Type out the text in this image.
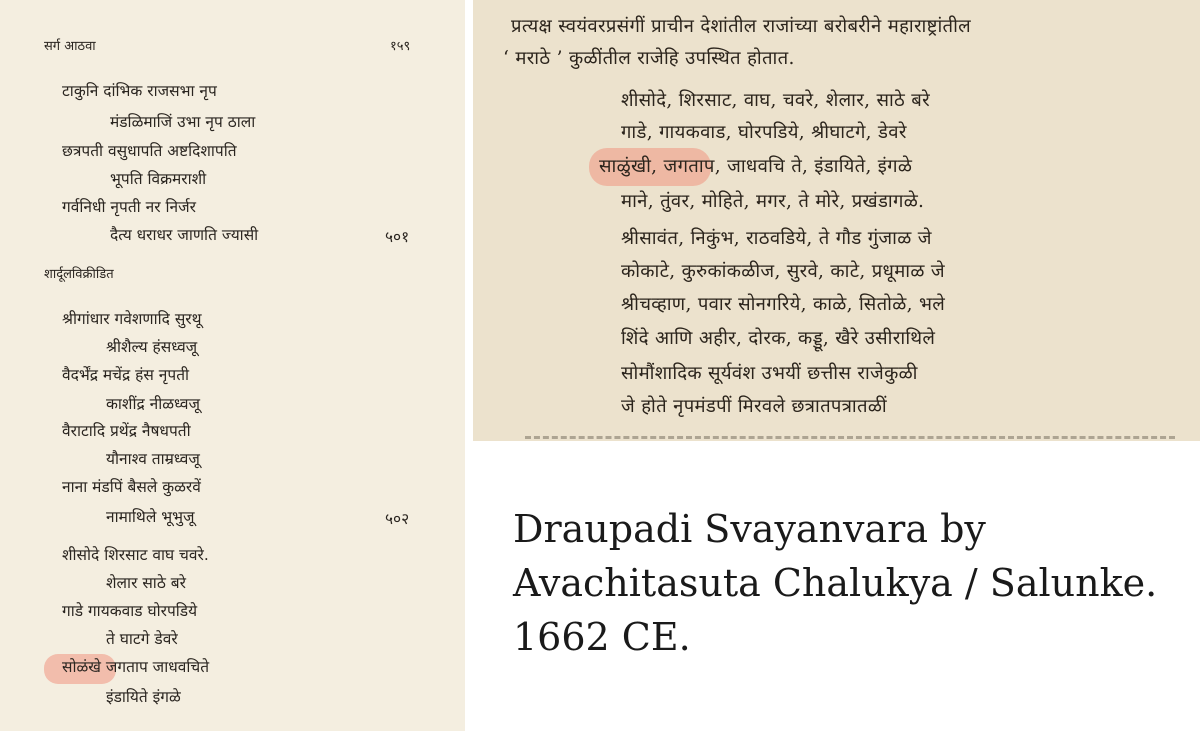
सर्ग आठवा	१५९
टाकुनि दांभिक राजसभा नृप
मंडळिमाजिं उभा नृप ठाला
छत्रपती वसुधापति अष्टदिशापति
भूपति विक्रमराशी
गर्वनिधी नृपती नर निर्जर
दैत्य धराधर जाणति ज्यासी	५०१
शार्दूलविक्रीडित
श्रीगांधार गवेशणादि सुरथू
श्रीशैल्य हंसध्वजू
वैदर्भेंद्र मचेंद्र हंस नृपती
काशींद्र नीळध्वजू
वैराटादि प्रथेंद्र नैषधपती
यौनाश्व ताम्रध्वजू
नाना मंडपिं बैसले कुळरवें
नामाथिले भूभुजू	५०२
शीसोदे शिरसाट वाघ चवरे.
शेलार साठे बरे
गाडे गायकवाड घोरपडिये
ते घाटगे डेवरे
सोळंखे जगताप जाधवचिते
इंडायिते इंगळे
प्रत्यक्ष स्वयंवरप्रसंगीं प्राचीन देशांतील राजांच्या बरोबरीने महाराष्ट्रांतील
‘ मराठे ’ कुळींतील राजेहि उपस्थित होतात.
शीसोदे, शिरसाट, वाघ, चवरे, शेलार, साठे बरे
गाडे, गायकवाड, घोरपडिये, श्रीघाटगे, डेवरे
साळुंखी, जगताप, जाधवचि ते, इंडायिते, इंगळे
माने, तुंवर, मोहिते, मगर, ते मोरे, प्रखंडागळे.
श्रीसावंत, निकुंभ, राठवडिये, ते गौड गुंजाळ जे
कोकाटे, कुरुकांकळीज, सुरवे, काटे, प्रधूमाळ जे
श्रीचव्हाण, पवार सोनगरिये, काळे, सितोळे, भले
शिंदे आणि अहीर, दोरक, कड्डू, खैरे उसीराथिले
सोमौंशादिक सूर्यवंश उभयीं छत्तीस राजेकुळी
जे होते नृपमंडपीं मिरवले छत्रातपत्रातळीं
Draupadi Svayanvara by Avachitasuta Chalukya / Salunke. 1662 CE.
